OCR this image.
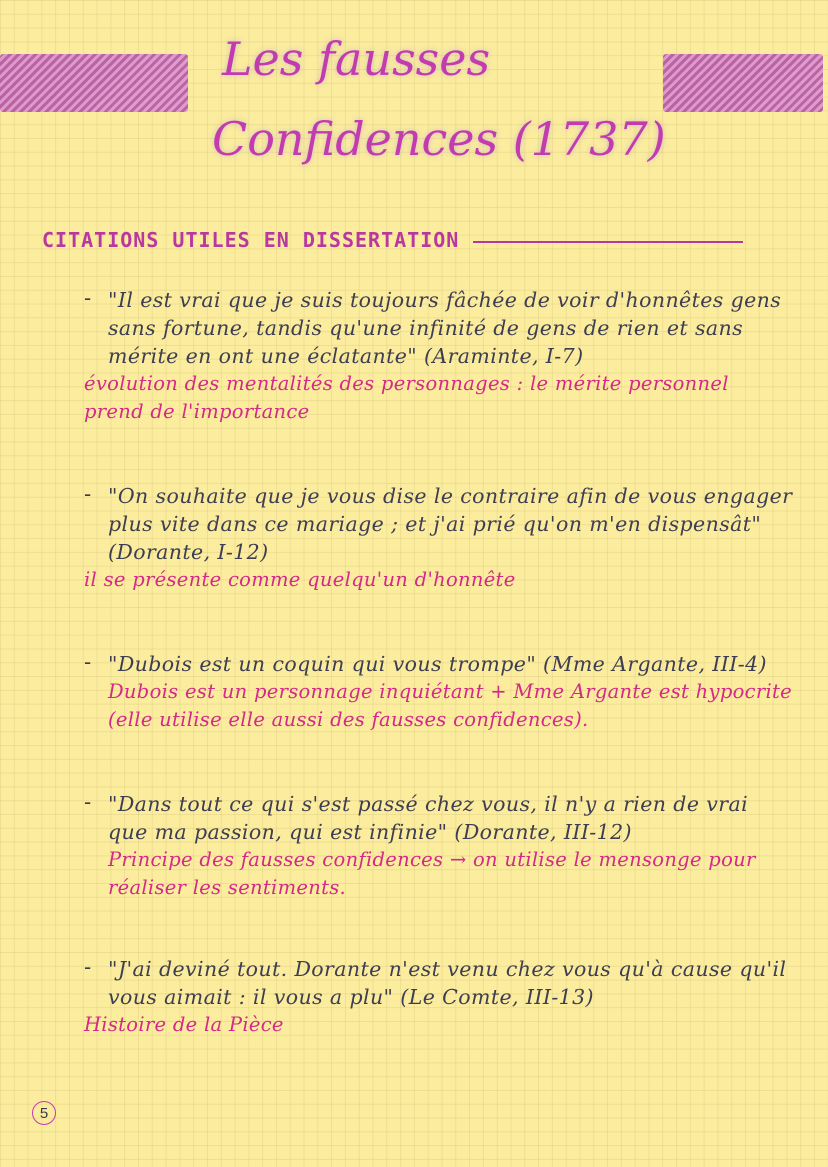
Les fausses
Confidences (1737)
CITATIONS UTILES EN DISSERTATION
- "Il est vrai que je suis toujours fâchée de voir d'honnêtes gens sans fortune, tandis qu'une infinité de gens de rien et sans mérite en ont une éclatante" (Araminte, I-7)
évolution des mentalités des personnages : le mérite personnel prend de l'importance
- "On souhaite que je vous dise le contraire afin de vous engager plus vite dans ce mariage ; et j'ai prié qu'on m'en dispensât" (Dorante, I-12)
il se présente comme quelqu'un d'honnête
- "Dubois est un coquin qui vous trompe" (Mme Argante, III-4)
Dubois est un personnage inquiétant + Mme Argante est hypocrite (elle utilise elle aussi des fausses confidences).
- "Dans tout ce qui s'est passé chez vous, il n'y a rien de vrai que ma passion, qui est infinie" (Dorante, III-12)
Principe des fausses confidences → on utilise le mensonge pour réaliser les sentiments.
- "J'ai deviné tout. Dorante n'est venu chez vous qu'à cause qu'il vous aimait : il vous a plu" (Le Comte, III-13)
Histoire de la Pièce
5
